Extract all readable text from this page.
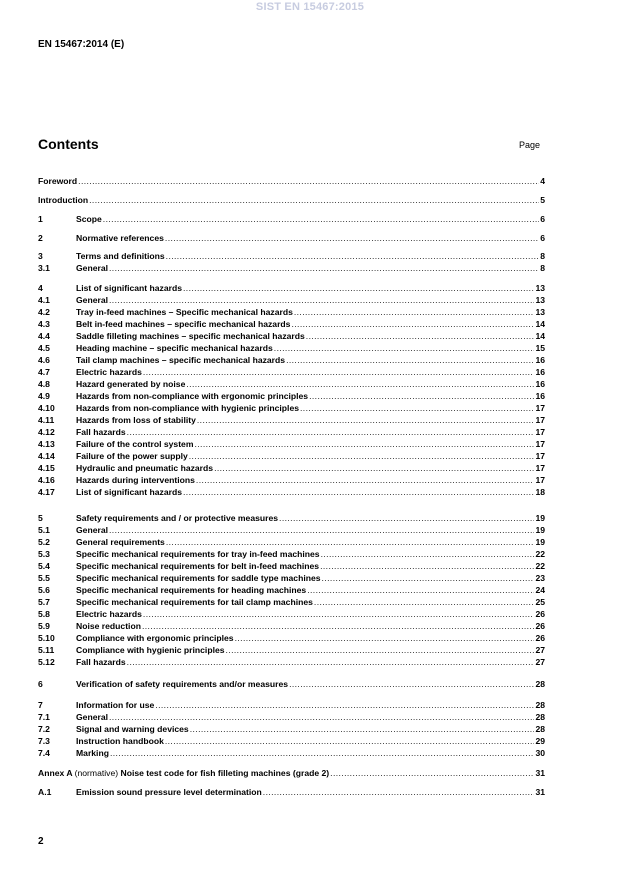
SIST EN 15467:2015
EN 15467:2014 (E)
Contents	Page
Foreword .....	4
Introduction .....	5
1	Scope .....	6
2	Normative references .....	6
3	Terms and definitions .....	8
3.1	General .....	8
4	List of significant hazards .....	13
4.1	General .....	13
4.2	Tray in-feed machines – Specific mechanical hazards .....	13
4.3	Belt in-feed machines – specific mechanical hazards .....	14
4.4	Saddle filleting machines – specific mechanical hazards .....	14
4.5	Heading machine – specific mechanical hazards .....	15
4.6	Tail clamp machines – specific mechanical hazards .....	16
4.7	Electric hazards .....	16
4.8	Hazard generated by noise .....	16
4.9	Hazards from non-compliance with ergonomic principles .....	16
4.10	Hazards from non-compliance with hygienic principles .....	17
4.11	Hazards from loss of stability .....	17
4.12	Fall hazards .....	17
4.13	Failure of the control system .....	17
4.14	Failure of the power supply .....	17
4.15	Hydraulic and pneumatic hazards .....	17
4.16	Hazards during interventions .....	17
4.17	List of significant hazards .....	18
5	Safety requirements and / or protective measures .....	19
5.1	General .....	19
5.2	General requirements .....	19
5.3	Specific mechanical requirements for tray in-feed machines .....	22
5.4	Specific mechanical requirements for belt in-feed machines .....	22
5.5	Specific mechanical requirements for saddle type machines .....	23
5.6	Specific mechanical requirements for heading machines .....	24
5.7	Specific mechanical requirements for tail clamp machines .....	25
5.8	Electric hazards .....	26
5.9	Noise reduction .....	26
5.10	Compliance with ergonomic principles .....	26
5.11	Compliance with hygienic principles .....	27
5.12	Fall hazards .....	27
6	Verification of safety requirements and/or measures .....	28
7	Information for use .....	28
7.1	General .....	28
7.2	Signal and warning devices .....	28
7.3	Instruction handbook .....	29
7.4	Marking .....	30
Annex A (normative) Noise test code for fish filleting machines (grade 2) .....	31
A.1	Emission sound pressure level determination .....	31
2
